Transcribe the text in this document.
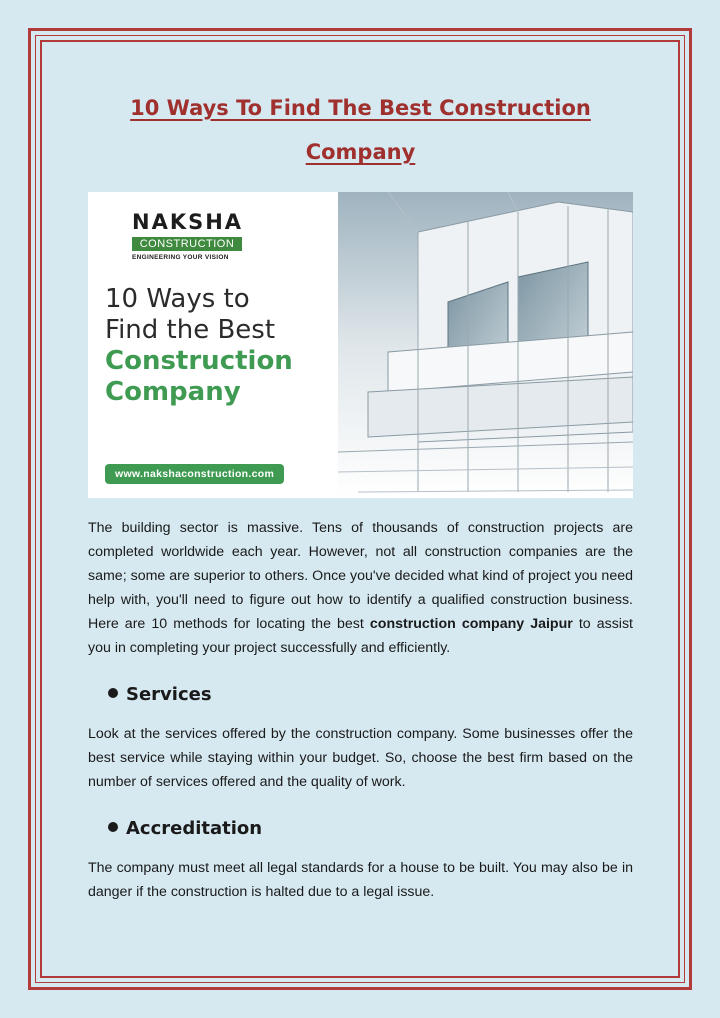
10 Ways To Find The Best Construction Company
NAKSHA
CONSTRUCTION
ENGINEERING YOUR VISION
10 Ways to
Find the Best
Construction
Company
www.nakshaconstruction.com

The building sector is massive. Tens of thousands of construction projects are completed worldwide each year. However, not all construction companies are the same; some are superior to others. Once you've decided what kind of project you need help with, you'll need to figure out how to identify a qualified construction business. Here are 10 methods for locating the best construction company Jaipur to assist you in completing your project successfully and efficiently.

Services

Look at the services offered by the construction company. Some businesses offer the best service while staying within your budget. So, choose the best firm based on the number of services offered and the quality of work.

Accreditation

The company must meet all legal standards for a house to be built. You may also be in danger if the construction is halted due to a legal issue.
